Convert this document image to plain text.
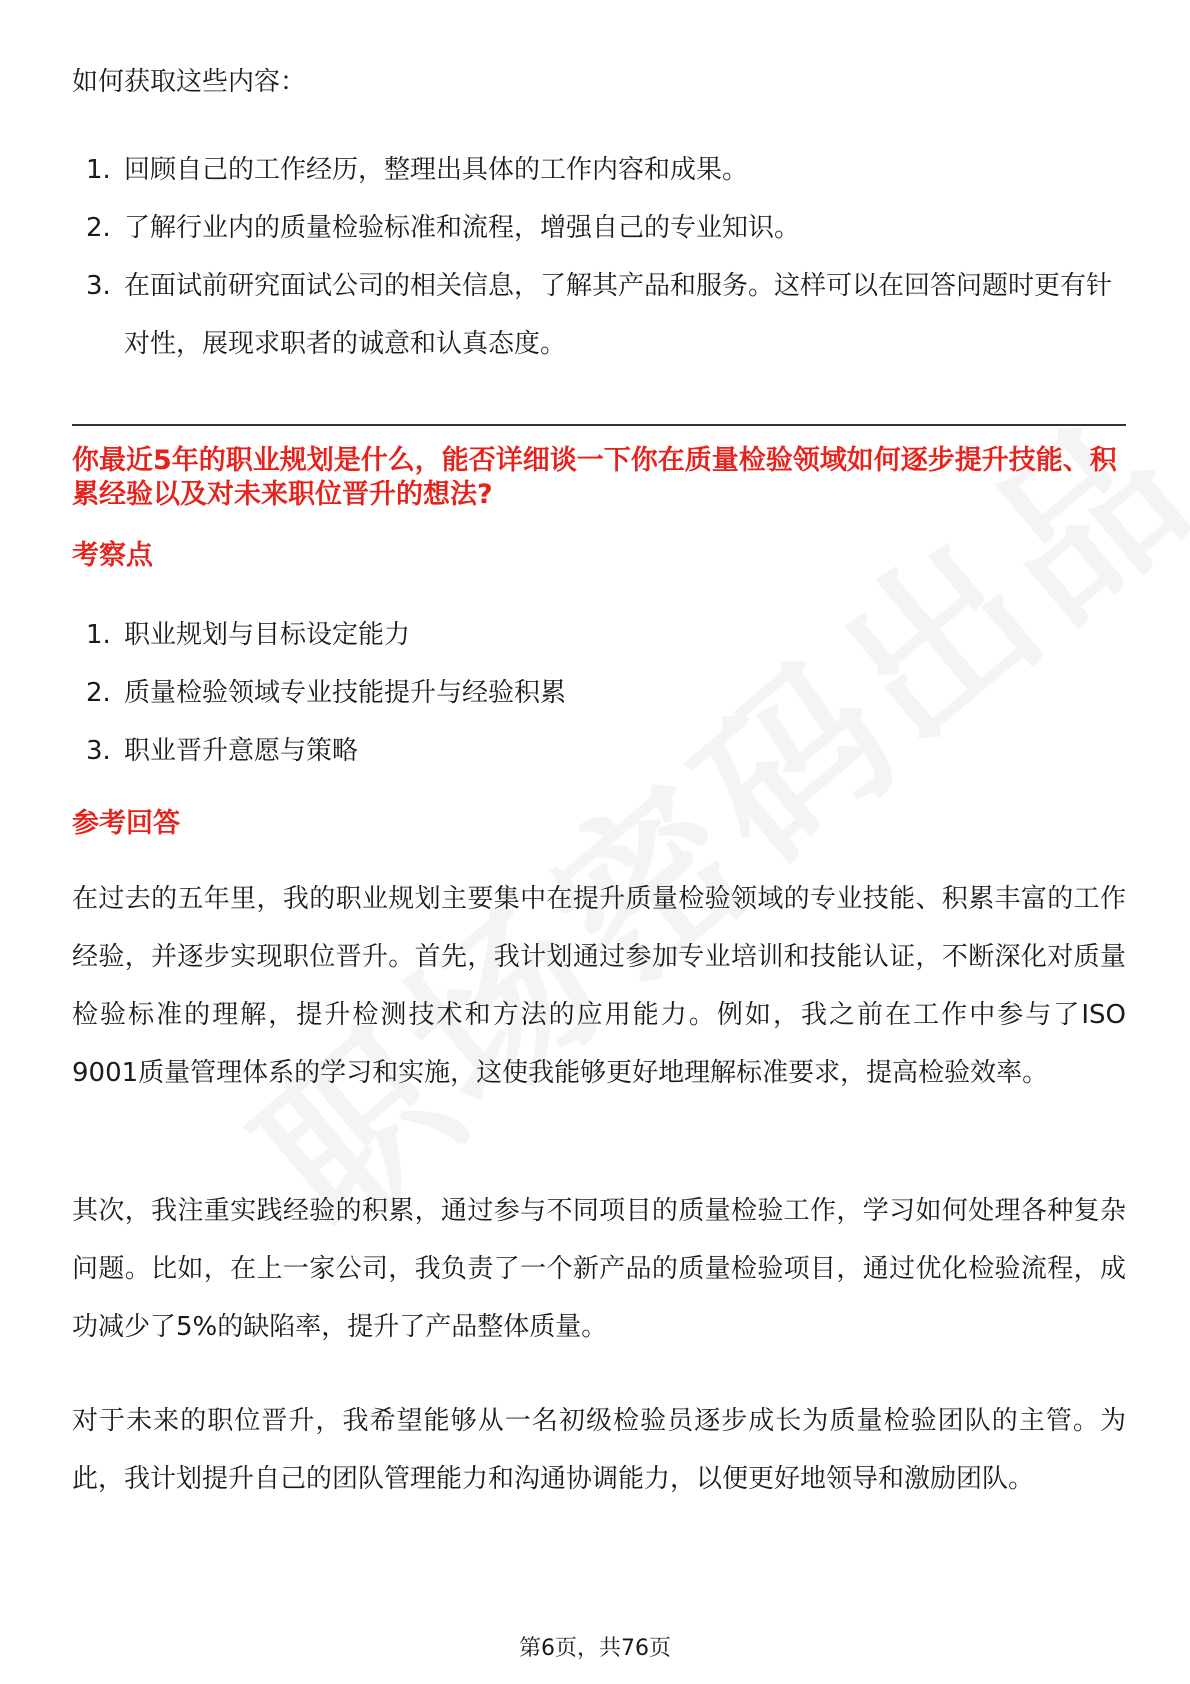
如何获取这些内容：

1. 回顾自己的工作经历，整理出具体的工作内容和成果。
2. 了解行业内的质量检验标准和流程，增强自己的专业知识。
3. 在面试前研究面试公司的相关信息，了解其产品和服务。这样可以在回答问题时更有针对性，展现求职者的诚意和认真态度。
你最近5年的职业规划是什么，能否详细谈一下你在质量检验领域如何逐步提升技能、积累经验以及对未来职位晋升的想法?
考察点
1. 职业规划与目标设定能力
2. 质量检验领域专业技能提升与经验积累
3. 职业晋升意愿与策略
参考回答

在过去的五年里，我的职业规划主要集中在提升质量检验领域的专业技能、积累丰富的工作经验，并逐步实现职位晋升。首先，我计划通过参加专业培训和技能认证，不断深化对质量检验标准的理解，提升检测技术和方法的应用能力。例如，我之前在工作中参与了ISO 9001质量管理体系的学习和实施，这使我能够更好地理解标准要求，提高检验效率。

其次，我注重实践经验的积累，通过参与不同项目的质量检验工作，学习如何处理各种复杂问题。比如，在上一家公司，我负责了一个新产品的质量检验项目，通过优化检验流程，成功减少了5%的缺陷率，提升了产品整体质量。

对于未来的职位晋升，我希望能够从一名初级检验员逐步成长为质量检验团队的主管。为此，我计划提升自己的团队管理能力和沟通协调能力，以便更好地领导和激励团队。

第6页，共76页
